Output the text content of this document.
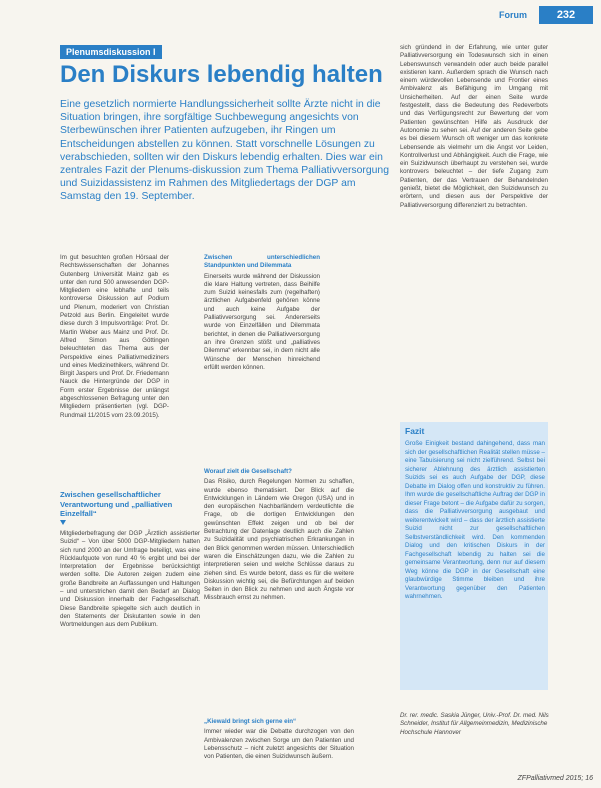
Forum	232
Plenumsdiskussion I
Den Diskurs lebendig halten

Eine gesetzlich normierte Handlungssicherheit sollte Ärzte nicht in die Situation bringen, ihre sorgfältige Suchbewegung angesichts von Sterbewünschen ihrer Patienten aufzugeben, ihr Ringen um Entscheidungen abstellen zu können. Statt vorschnelle Lösungen zu verabschieden, sollten wir den Diskurs lebendig erhalten. Dies war ein zentrales Fazit der Plenums-diskussion zum Thema Palliativversorgung und Suizidassistenz im Rahmen des Mitgliedertags der DGP am Samstag den 19. September.

Im gut besuchten großen Hörsaal der Rechtswissenschaften der Johannes Gutenberg Universität Mainz gab es unter den rund 500 anwesenden DGP-Mitgliedern eine lebhafte und teils kontroverse Diskussion auf Podium und Plenum, moderiert von Christian Petzold aus Berlin. Eingeleitet wurde diese durch 3 Impulsvorträge: Prof. Dr. Martin Weber aus Mainz und Prof. Dr. Alfred Simon aus Göttingen beleuchteten das Thema aus der Perspektive eines Palliativmediziners und eines Medizinethikers, während Dr. Birgit Jaspers und Prof. Dr. Friedemann Nauck die Hintergründe der DGP in Form erster Ergebnisse der unlängst abgeschlossenen Befragung unter den Mitgliedern präsentierten (vgl. DGP-Rundmail 11/2015 vom 23.09.2015).

Zwischen gesellschaftlicher Verantwortung und „palliativen Einzelfall“

Mitgliederbefragung der DGP „Ärztlich assistierter Suizid“ – Von über 5000 DGP-Mitgliedern hatten sich rund 2000 an der Umfrage beteiligt, was eine Rücklaufquote von rund 40 % ergibt und bei der Interpretation der Ergebnisse berücksichtigt werden sollte. Die Autoren zeigen zudem eine große Bandbreite an Auffassungen und Haltungen – und unterstrichen damit den Bedarf an Dialog und Diskussion innerhalb der Fachgesellschaft. Diese Bandbreite spiegelte sich auch deutlich in den Statements der Diskutanten sowie in den Wortmeldungen aus dem Publikum.

Zwischen unterschiedlichen Standpunkten und Dilemmata

Einerseits wurde während der Diskussion die klare Haltung vertreten, dass Beihilfe zum Suizid keinesfalls zum (regelhaften) ärztlichen Aufgabenfeld gehören könne und auch keine Aufgabe der Palliativversorgung sei. Andererseits wurde von Einzelfällen und Dilemmata berichtet, in denen die Palliativversorgung an ihre Grenzen stößt und „palliatives Dilemma“ erkennbar sei, in dem nicht alle Wünsche der Menschen hinreichend erfüllt werden können.

Worauf zielt die Gesellschaft?

Das Risiko, durch Regelungen Normen zu schaffen, wurde ebenso thematisiert. Der Blick auf die Entwicklungen in Ländern wie Oregon (USA) und in den europäischen Nachbarländern verdeutlichte die Frage, ob die dortigen Entwicklungen den gewünschten Effekt zeigen und ob bei der Betrachtung der Datenlage deutlich auch die Zahlen zu Suizidalität und psychiatrischen Erkrankungen in den Blick genommen werden müssen. Unterschiedlich waren die Einschätzungen dazu, wie die Zahlen zu interpretieren seien und welche Schlüsse daraus zu ziehen sind. Es wurde betont, dass es für die weitere Diskussion wichtig sei, die Befürchtungen auf beiden Seiten in den Blick zu nehmen und auch Ängste vor Missbrauch ernst zu nehmen.

„Kiewald bringt sich gerne ein“

Immer wieder war die Debatte durchzogen von den Ambivalenzen zwischen Sorge um den Patienten und Lebensschutz – nicht zuletzt angesichts der Situation von Patienten, die einen Suizidwunsch äußern.

sich gründend in der Erfahrung, wie unter guter Palliativversorgung ein Todeswunsch sich in einen Lebenswunsch verwandeln oder auch beide parallel existieren kann. Außerdem sprach die Wunsch nach einem würdevollen Lebensende und Frontier eines Ambivalenz als Befähigung im Umgang mit Unsicherheiten. Auf der einen Seite wurde festgestellt, dass die Bedeutung des Redeverbots und das Verfügungsrecht zur Bewertung der vom Patienten gewünschten Hilfe als Ausdruck der Autonomie zu sehen sei. Auf der anderen Seite gebe es bei diesem Wunsch oft weniger um das konkrete Lebensende als vielmehr um die Angst vor Leiden, Kontrollverlust und Abhängigkeit. Auch die Frage, wie ein Suizidwunsch überhaupt zu verstehen sei, wurde kontrovers beleuchtet – der tiefe Zugang zum Patienten, der das Vertrauen der Behandelnden genießt, bietet die Möglichkeit, den Suizidwunsch zu erörtern, und diesen aus der Perspektive der Palliativversorgung differenziert zu betrachten.

Fazit
Große Einigkeit bestand dahingehend, dass man sich der gesellschaftlichen Realität stellen müsse – eine Tabuisierung sei nicht zielführend. Selbst bei sicherer Ablehnung des ärztlich assistierten Suizids sei es auch Aufgabe der DGP, diese Debatte im Dialog offen und konstruktiv zu führen. Ihm wurde die gesellschaftliche Auftrag der DGP in dieser Frage betont – die Aufgabe dafür zu sorgen, dass die Palliativversorgung ausgebaut und weiterentwickelt wird – dass der ärztlich assistierte Suizid nicht zur gesellschaftlichen Selbstverständlichkeit wird. Den kommenden Dialog und den kritischen Diskurs in der Fachgesellschaft lebendig zu halten sei die gemeinsame Verantwortung, denn nur auf diesem Weg könne die DGP in der Gesellschaft eine glaubwürdige Stimme bleiben und ihre Verantwortung gegenüber den Patienten wahrnehmen.
Dr. rer. medic. Saskia Jünger, Univ.-Prof. Dr. med. Nils Schneider, Institut für Allgemeinmedizin, Medizinische Hochschule Hannover
ZFPalliativmed 2015; 16
